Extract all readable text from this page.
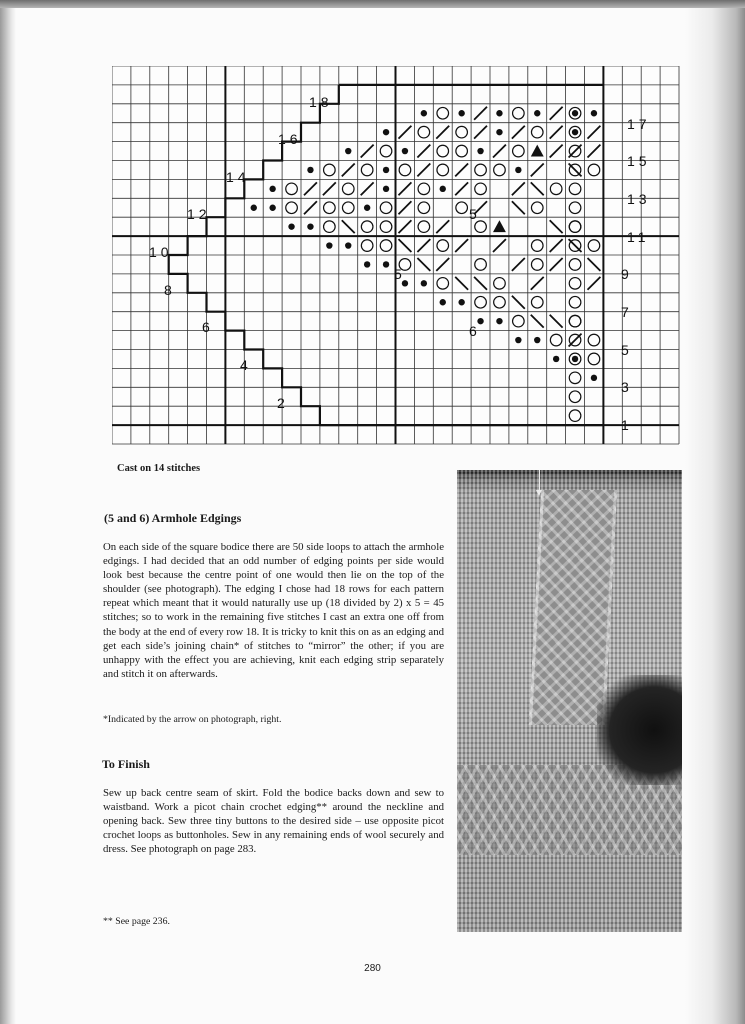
18
17
16
15
14
13
12
11
10
9
8
7
6
5
4
3
2
1
5
5
6
Cast on 14 stitches
(5 and 6) Armhole Edgings

On each side of the square bodice there are 50 side loops to attach the armhole edgings. I had decided that an odd number of edging points per side would look best because the centre point of one would then lie on the top of the shoulder (see photograph). The edging I chose had 18 rows for each pattern repeat which meant that it would naturally use up (18 divided by 2) x 5 = 45 stitches; so to work in the remaining five stitches I cast an extra one off from the body at the end of every row 18. It is tricky to knit this on as an edging and get each side’s joining chain* of stitches to “mirror” the other; if you are unhappy with the effect you are achieving, knit each edging strip separately and stitch it on afterwards.

*Indicated by the arrow on photograph, right.
To Finish

Sew up back centre seam of skirt. Fold the bodice backs down and sew to waistband. Work a picot chain crochet edging** around the neckline and opening back. Sew three tiny buttons to the desired side – use opposite picot crochet loops as buttonholes. Sew in any remaining ends of wool securely and dress. See photograph on page 283.

** See page 236.
280
